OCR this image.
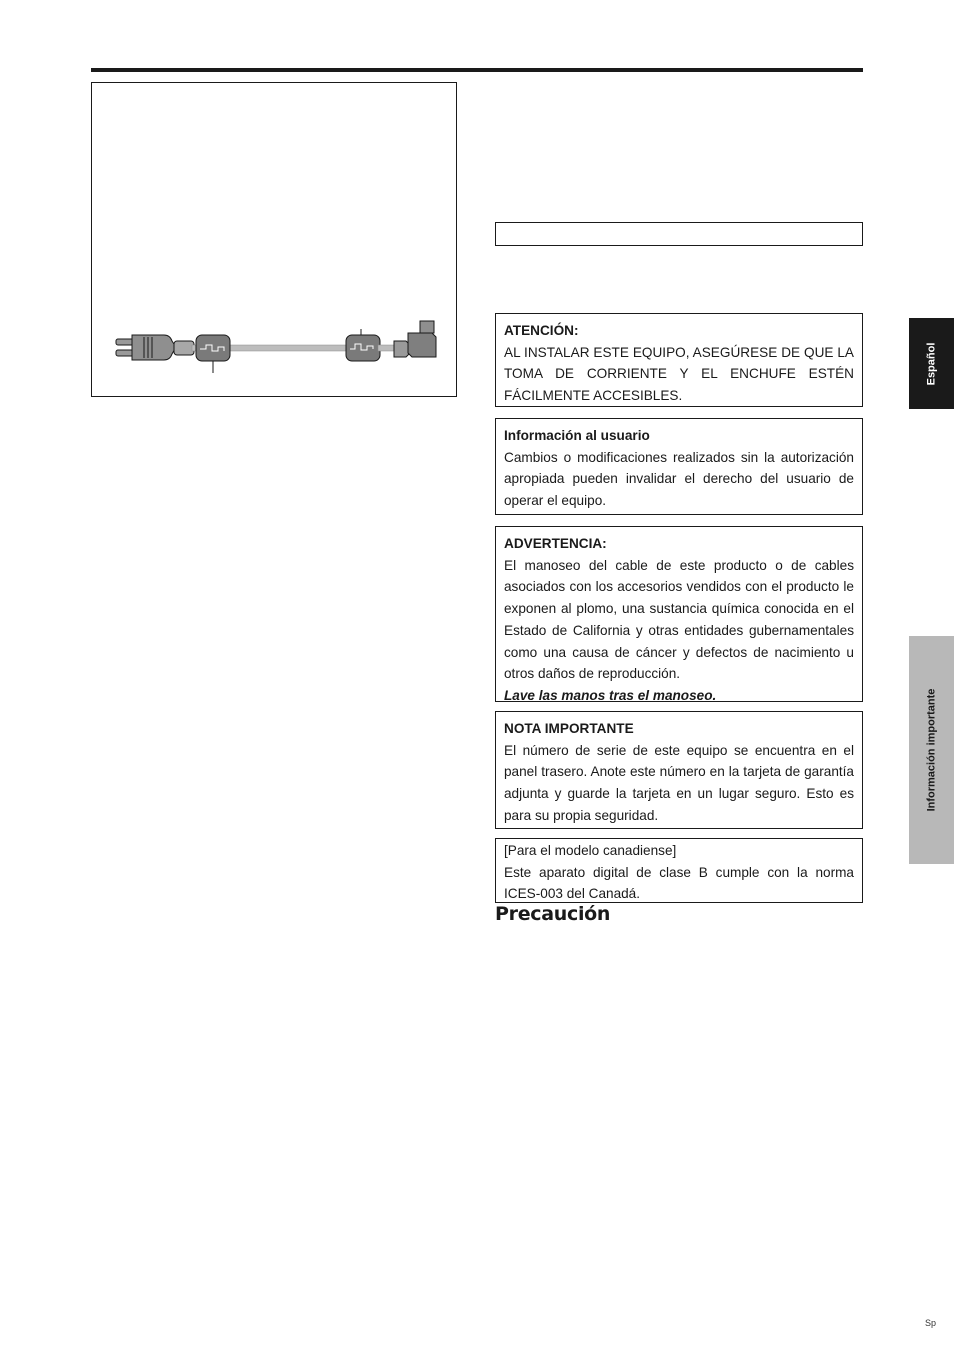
ATENCIÓN:
AL INSTALAR ESTE EQUIPO, ASEGÚRESE DE QUE LA TOMA DE CORRIENTE Y EL ENCHUFE ESTÉN FÁCILMENTE ACCESIBLES.
Información al usuario
Cambios o modificaciones realizados sin la autorización apropiada pueden invalidar el derecho del usuario de operar el equipo.
ADVERTENCIA:
El manoseo del cable de este producto o de cables asociados con los accesorios vendidos con el producto le exponen al plomo, una sustancia química conocida en el Estado de California y otras entidades gubernamentales como una causa de cáncer y defectos de nacimiento u otros daños de reproducción.
Lave las manos tras el manoseo.
NOTA IMPORTANTE
El número de serie de este equipo se encuentra en el panel trasero. Anote este número en la tarjeta de garantía adjunta y guarde la tarjeta en un lugar seguro. Esto es para su propia seguridad.
[Para el modelo canadiense]
Este aparato digital de clase B cumple con la norma ICES-003 del Canadá.
Precaución
Español
Información importante
Sp
